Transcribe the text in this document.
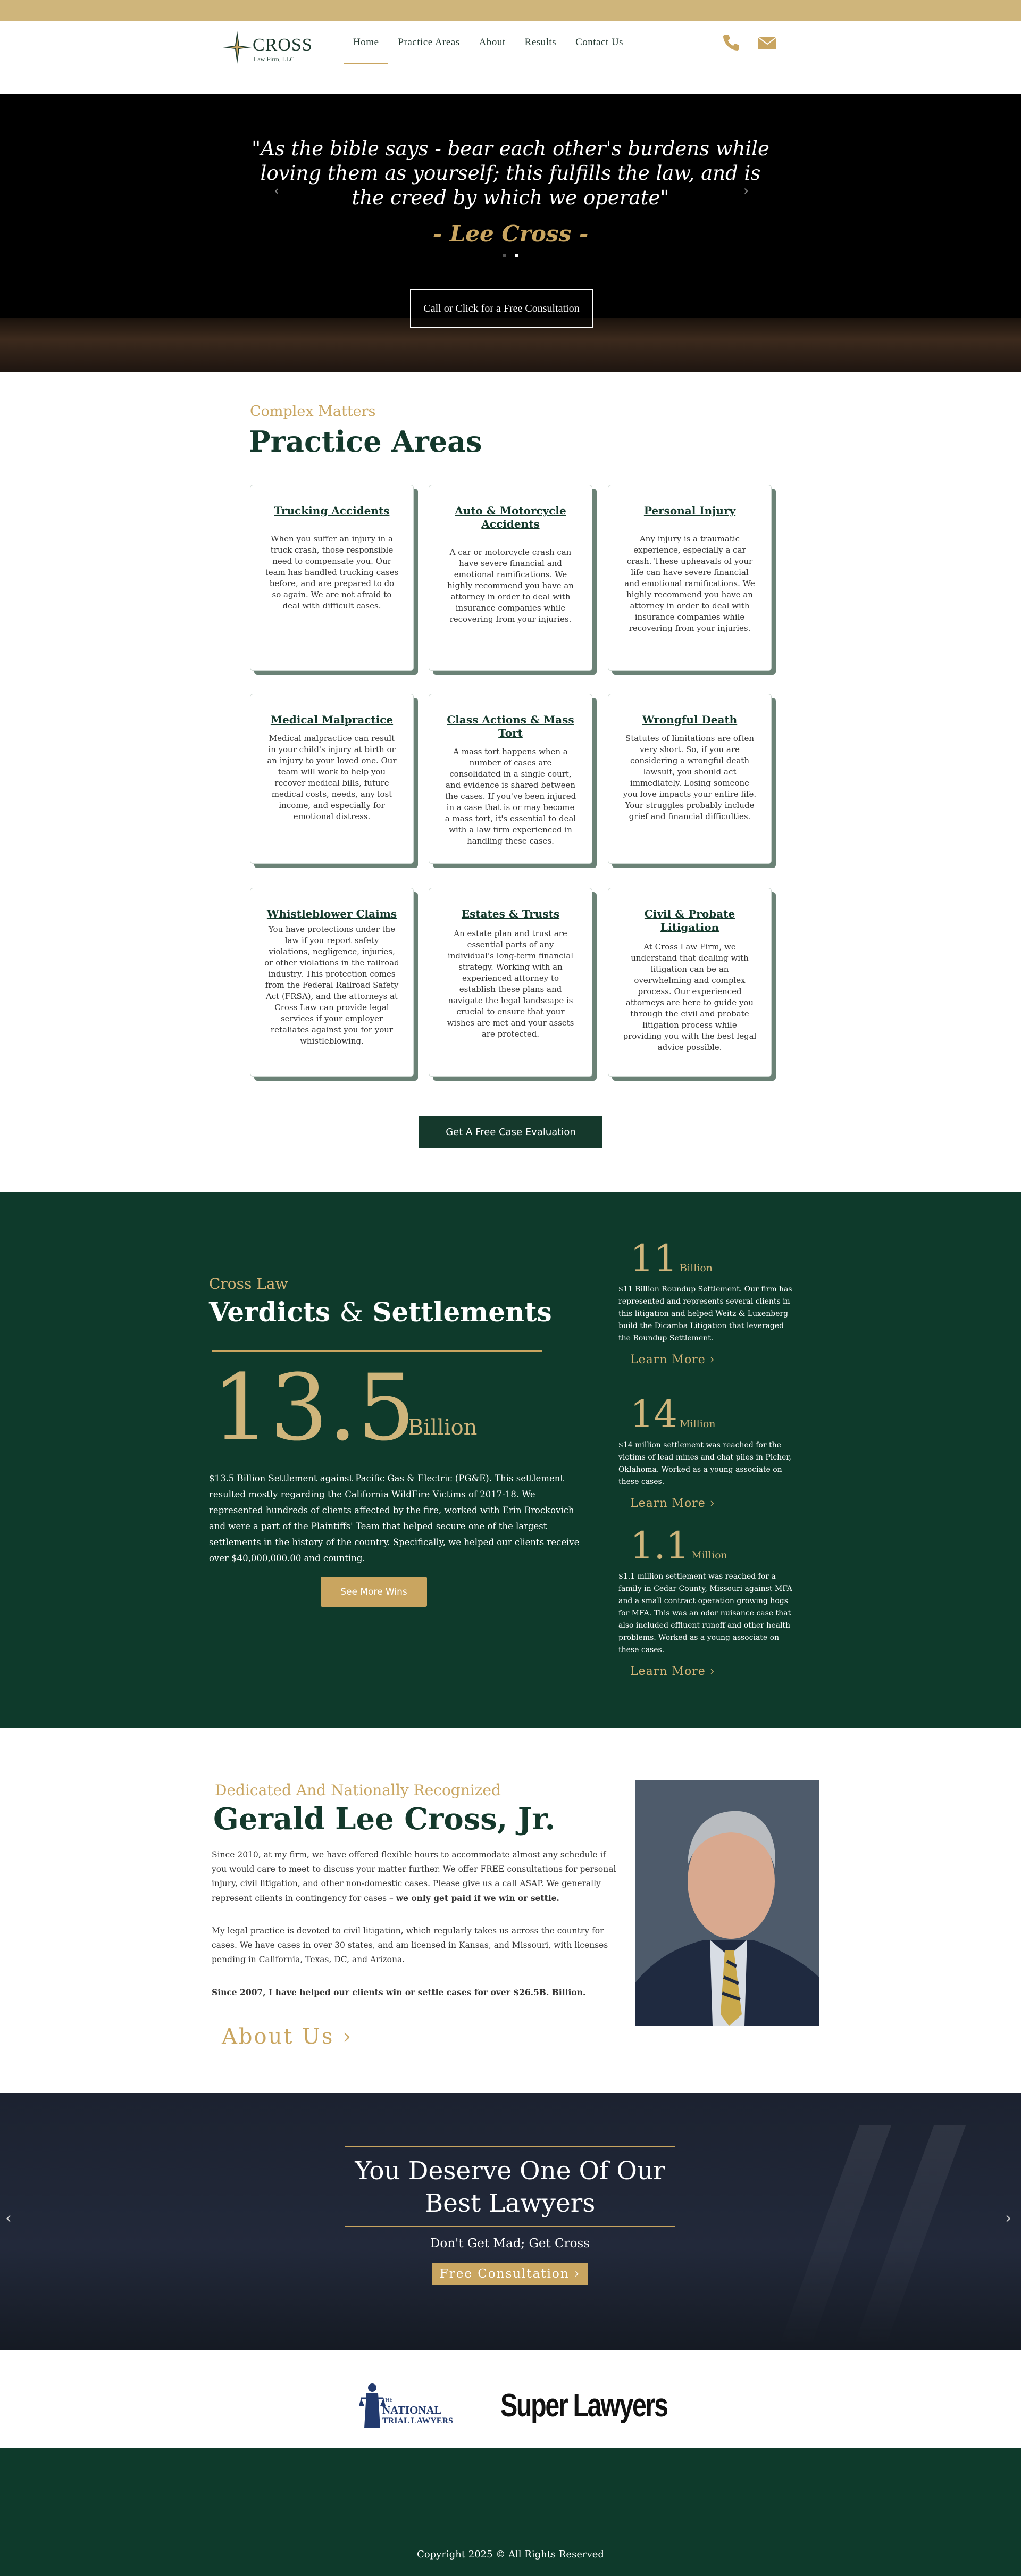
CROSS
Law Firm, LLC
Home	Practice Areas	About	Results	Contact Us
‹	›
"As the bible says - bear each other's burdens while loving them as yourself; this fulfills the law, and is the creed by which we operate"
- Lee Cross -
Call or Click for a Free Consultation
Complex Matters
Practice Areas
Trucking Accidents

When you suffer an injury in a truck crash, those responsible need to compensate you. Our team has handled trucking cases before, and are prepared to do so again. We are not afraid to deal with difficult cases.

Auto & Motorcycle Accidents

A car or motorcycle crash can have severe financial and emotional ramifications. We highly recommend you have an attorney in order to deal with insurance companies while recovering from your injuries.

Personal Injury

Any injury is a traumatic experience, especially a car crash. These upheavals of your life can have severe financial and emotional ramifications. We highly recommend you have an attorney in order to deal with insurance companies while recovering from your injuries.

Medical Malpractice

Medical malpractice can result in your child's injury at birth or an injury to your loved one. Our team will work to help you recover medical bills, future medical costs, needs, any lost income, and especially for emotional distress.

Class Actions & Mass Tort

A mass tort happens when a number of cases are consolidated in a single court, and evidence is shared between the cases. If you've been injured in a case that is or may become a mass tort, it's essential to deal with a law firm experienced in handling these cases.

Wrongful Death

Statutes of limitations are often very short. So, if you are considering a wrongful death lawsuit, you should act immediately. Losing someone you love impacts your entire life. Your struggles probably include grief and financial difficulties.

Whistleblower Claims

You have protections under the law if you report safety violations, negligence, injuries, or other violations in the railroad industry. This protection comes from the Federal Railroad Safety Act (FRSA), and the attorneys at Cross Law can provide legal services if your employer retaliates against you for your whistleblowing.

Estates & Trusts

An estate plan and trust are essential parts of any individual's long-term financial strategy. Working with an experienced attorney to establish these plans and navigate the legal landscape is crucial to ensure that your wishes are met and your assets are protected.

Civil & Probate Litigation

At Cross Law Firm, we understand that dealing with litigation can be an overwhelming and complex process. Our experienced attorneys are here to guide you through the civil and probate litigation process while providing you with the best legal advice possible.

Get A Free Case Evaluation
Cross Law
Verdicts & Settlements
13.5
Billion

$13.5 Billion Settlement against Pacific Gas & Electric (PG&E). This settlement resulted mostly regarding the California WildFire Victims of 2017-18. We represented hundreds of clients affected by the fire, worked with Erin Brockovich and were a part of the Plaintiffs' Team that helped secure one of the largest settlements in the history of the country. Specifically, we helped our clients receive over $40,000,000.00 and counting.

See More Wins
11 Billion

$11 Billion Roundup Settlement. Our firm has represented and represents several clients in this litigation and helped Weitz & Luxenberg build the Dicamba Litigation that leveraged the Roundup Settlement.

Learn More ›
14 Million

$14 million settlement was reached for the victims of lead mines and chat piles in Picher, Oklahoma. Worked as a young associate on these cases.

Learn More ›
1.1 Million

$1.1 million settlement was reached for a family in Cedar County, Missouri against MFA and a small contract operation growing hogs for MFA. This was an odor nuisance case that also included effluent runoff and other health problems. Worked as a young associate on these cases.

Learn More ›
Dedicated And Nationally Recognized
Gerald Lee Cross, Jr.

Since 2010, at my firm, we have offered flexible hours to accommodate almost any schedule if you would care to meet to discuss your matter further. We offer FREE consultations for personal injury, civil litigation, and other non-domestic cases. Please give us a call ASAP. We generally represent clients in contingency for cases – we only get paid if we win or settle.

My legal practice is devoted to civil litigation, which regularly takes us across the country for cases. We have cases in over 30 states, and am licensed in Kansas, and Missouri, with licenses pending in California, Texas, DC, and Arizona.

Since 2007, I have helped our clients win or settle cases for over $26.5B. Billion.

About Us ›
‹	›
You Deserve One Of Our Best Lawyers
Don't Get Mad; Get Cross
Free Consultation ›
THE
NATIONAL
TRIAL LAWYERS Super Lawyers
Copyright 2025 © All Rights Reserved
